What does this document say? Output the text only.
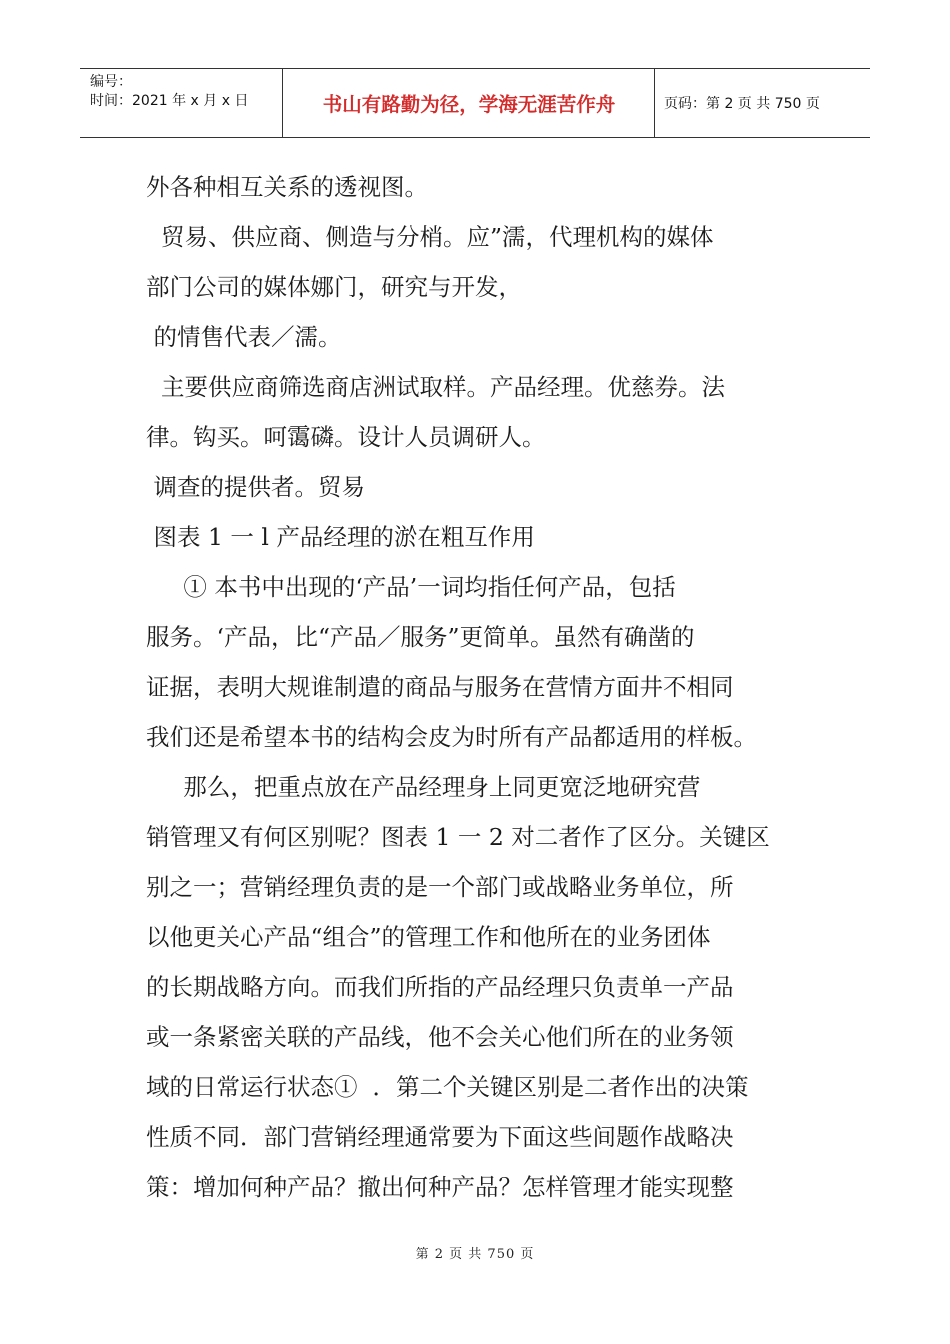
编号：
时间：2021 年 x 月 x 日	书山有路勤为径，学海无涯苦作舟	页码：第 2 页 共 750 页

外各种相互关系的透视图。

贸易、供应商、侧造与分梢。应”濡，代理机构的媒体

部门公司的媒体娜门，研究与开发，

的情售代表／濡。

主要供应商筛选商店洲试取样。产品经理。优慈券。法

律。钩买。呵霭磷。设计人员调研人。

调查的提供者。贸易

图表 1 一 l 产品经理的淤在粗互作用

① 本书中出现的‘产品’一词均指任何产品，包括

服务。‘产品，比“产品／服务”更简单。虽然有确凿的

证据，表明大规谁制遣的商品与服务在营情方面井不相同

我们还是希望本书的结构会皮为时所有产品都适用的样板。

那么，把重点放在产品经理身上同更宽泛地研究营

销管理又有何区别呢？图表 1 一 2 对二者作了区分。关键区

别之一；营销经理负责的是一个部门或战略业务单位，所

以他更关心产品“组合”的管理工作和他所在的业务团体

的长期战略方向。而我们所指的产品经理只负责单一产品

或一条紧密关联的产品线，他不会关心他们所在的业务领

域的日常运行状态①  ．第二个关键区别是二者作出的决策

性质不同．部门营销经理通常要为下面这些间题作战略决

策：增加何种产品？撤出何种产品？怎样管理才能实现整

第 2 页 共 750 页
